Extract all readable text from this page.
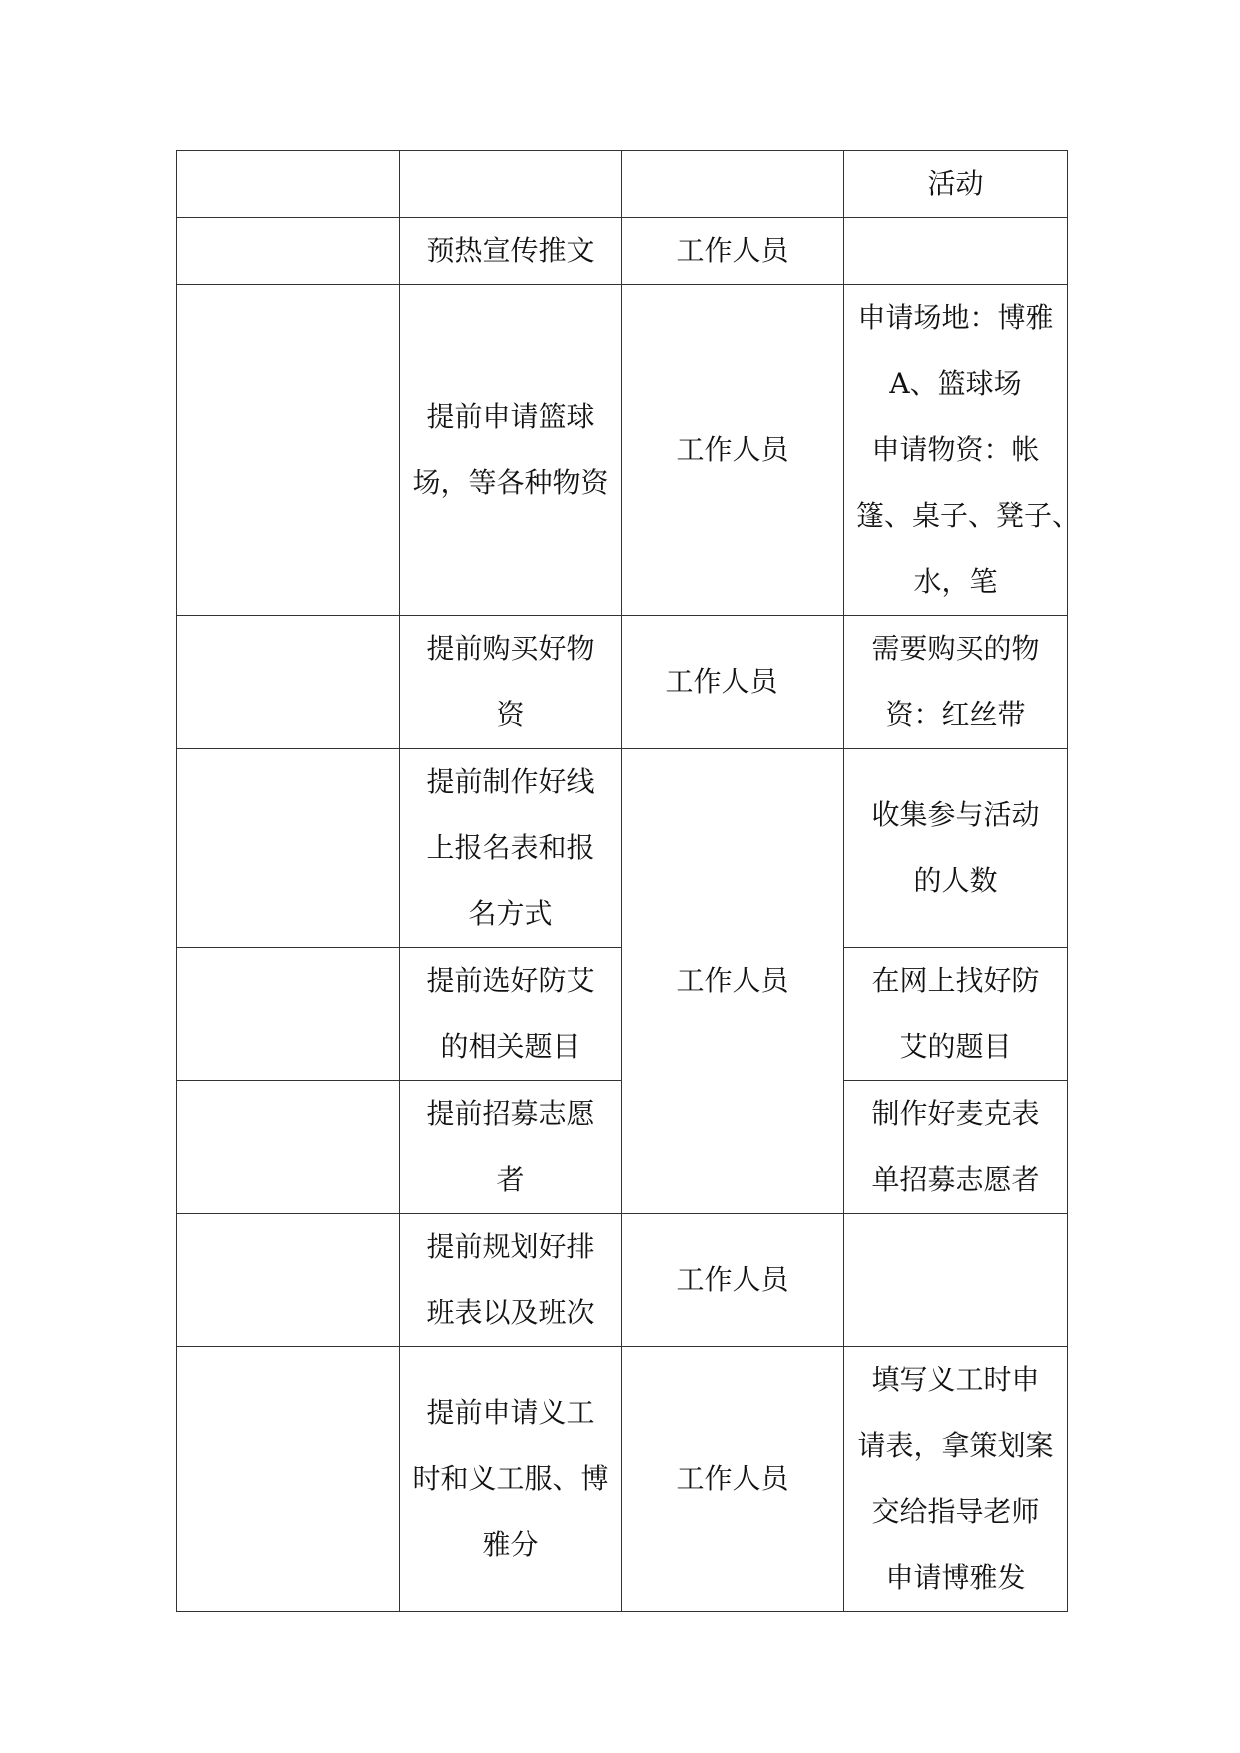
			活动

	预热宣传推文	工作人员	

	提前申请篮球
场，等各种物资	工作人员	申请场地：博雅
A、篮球场
申请物资：帐
篷、桌子、凳子、
水，笔

	提前购买好物
资	工作人员	需要购买的物
资：红丝带

	提前制作好线
上报名表和报
名方式	工作人员	收集参与活动
的人数

	提前选好防艾
的相关题目		在网上找好防
艾的题目

	提前招募志愿
者		制作好麦克表
单招募志愿者

	提前规划好排
班表以及班次	工作人员	

	提前申请义工
时和义工服、博
雅分	工作人员	填写义工时申
请表，拿策划案
交给指导老师
申请博雅发
